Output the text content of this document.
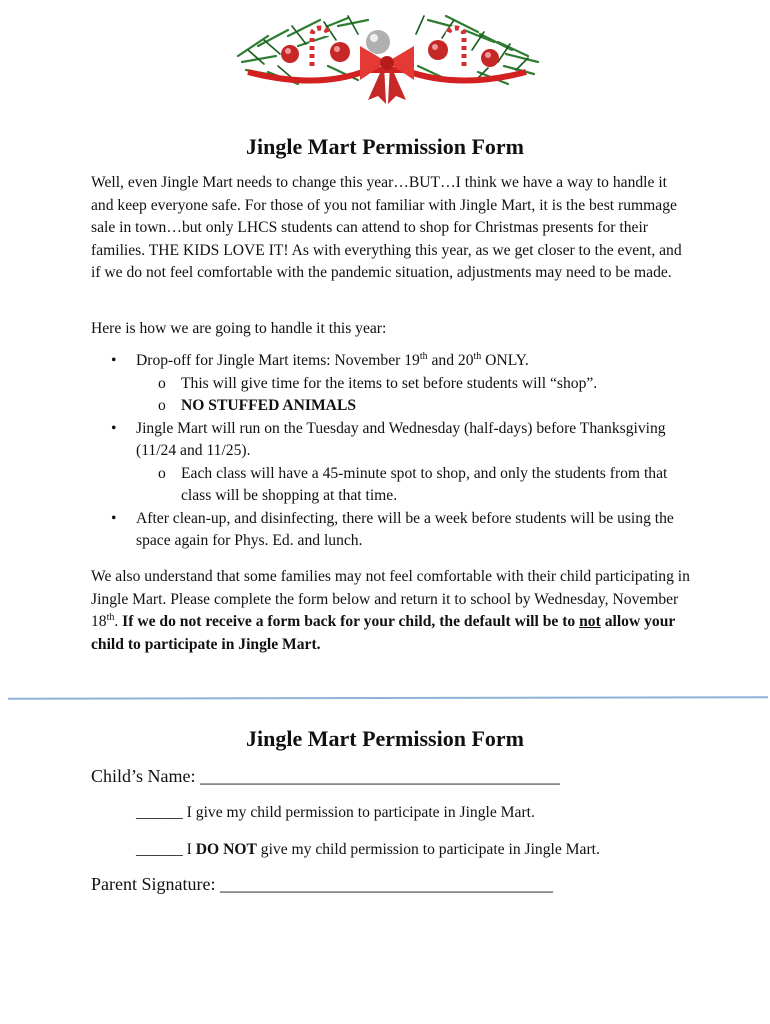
Jingle Mart Permission Form

Well, even Jingle Mart needs to change this year…BUT…I think we have a way to handle it and keep everyone safe. For those of you not familiar with Jingle Mart, it is the best rummage sale in town…but only LHCS students can attend to shop for Christmas presents for their families. THE KIDS LOVE IT! As with everything this year, as we get closer to the event, and if we do not feel comfortable with the pandemic situation, adjustments may need to be made.

Here is how we are going to handle it this year:

• Drop-off for Jingle Mart items: November 19th and 20th ONLY.
o This will give time for the items to set before students will “shop”.
o NO STUFFED ANIMALS
• Jingle Mart will run on the Tuesday and Wednesday (half-days) before Thanksgiving (11/24 and 11/25).
o Each class will have a 45-minute spot to shop, and only the students from that class will be shopping at that time.
• After clean-up, and disinfecting, there will be a week before students will be using the space again for Phys. Ed. and lunch.

We also understand that some families may not feel comfortable with their child participating in Jingle Mart. Please complete the form below and return it to school by Wednesday, November 18th. If we do not receive a form back for your child, the default will be to not allow your child to participate in Jingle Mart.

Jingle Mart Permission Form

Child’s Name: ________________________________________

______ I give my child permission to participate in Jingle Mart.

______ I DO NOT give my child permission to participate in Jingle Mart.

Parent Signature: _____________________________________
